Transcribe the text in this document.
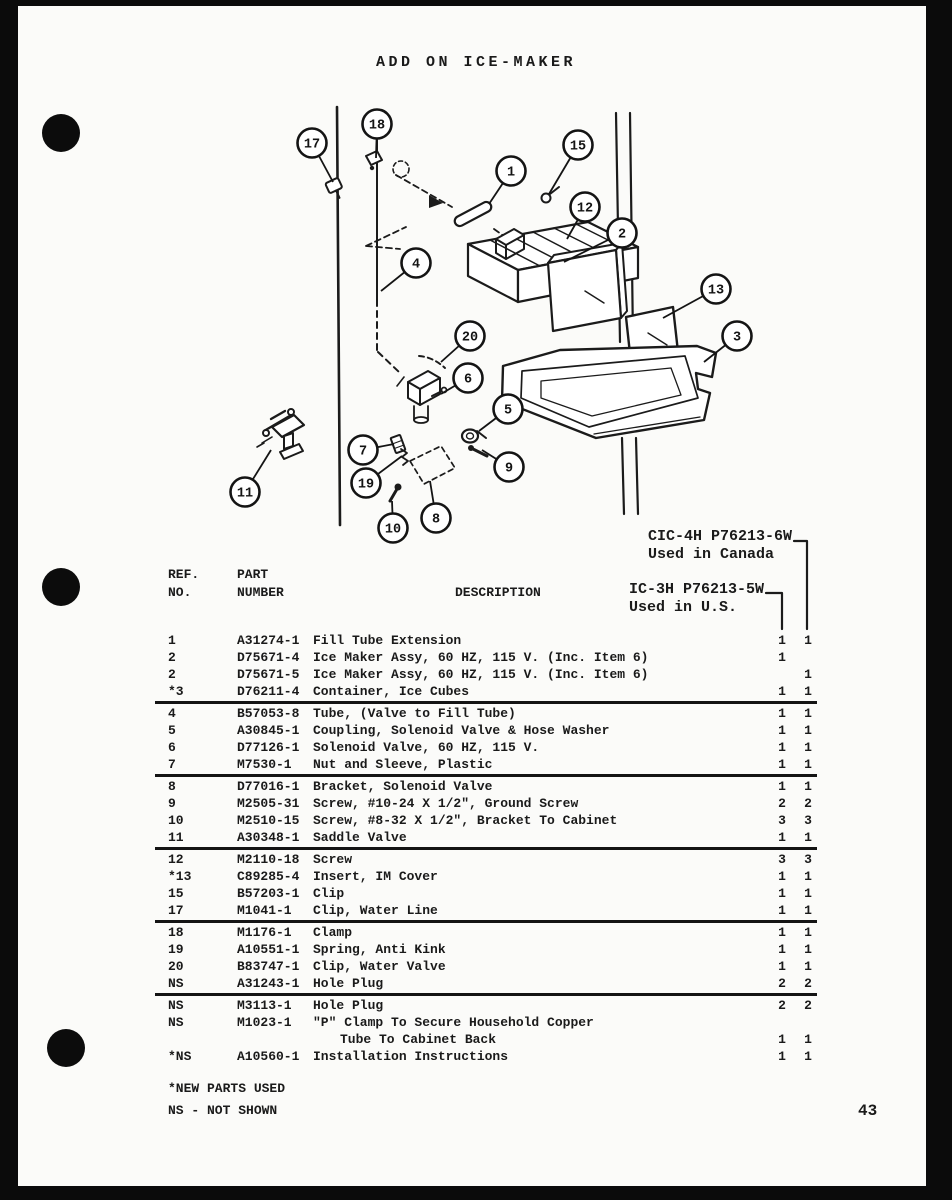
ADD ON ICE-MAKER
1
2
3
4
5
6
7
8
9
10
11
12
13
15
17
18
19
20
REF.
NO.
PART
NUMBER	DESCRIPTION
CIC-4H P76213-6W
Used in Canada
IC-3H P76213-5W
Used in U.S.
1	A31274-1 Fill Tube Extension	1	1
2	D75671-4 Ice Maker Assy, 60 HZ, 115 V. (Inc. Item 6)	1
2	D75671-5 Ice Maker Assy, 60 HZ, 115 V. (Inc. Item 6)	1
*3	D76211-4 Container, Ice Cubes	1	1
4	B57053-8 Tube, (Valve to Fill Tube)	1	1
5	A30845-1 Coupling, Solenoid Valve & Hose Washer	1	1
6	D77126-1 Solenoid Valve, 60 HZ, 115 V.	1	1
7	M7530-1 Nut and Sleeve, Plastic	1	1
8	D77016-1 Bracket, Solenoid Valve	1	1
9	M2505-31 Screw, #10-24 X 1/2", Ground Screw	2	2
10	M2510-15 Screw, #8-32 X 1/2", Bracket To Cabinet	3	3
11	A30348-1 Saddle Valve	1	1
12	M2110-18 Screw	3	3
*13	C89285-4 Insert, IM Cover	1	1
15	B57203-1 Clip	1	1
17	M1041-1 Clip, Water Line	1	1
18	M1176-1 Clamp	1	1
19	A10551-1 Spring, Anti Kink	1	1
20	B83747-1 Clip, Water Valve	1	1
NS	A31243-1 Hole Plug	2	2
NS	M3113-1 Hole Plug	2	2
NS	M1023-1 "P" Clamp To Secure Household Copper
Tube To Cabinet Back	1	1
*NS	A10560-1 Installation Instructions	1	1
*NEW PARTS USED
NS - NOT SHOWN	43
